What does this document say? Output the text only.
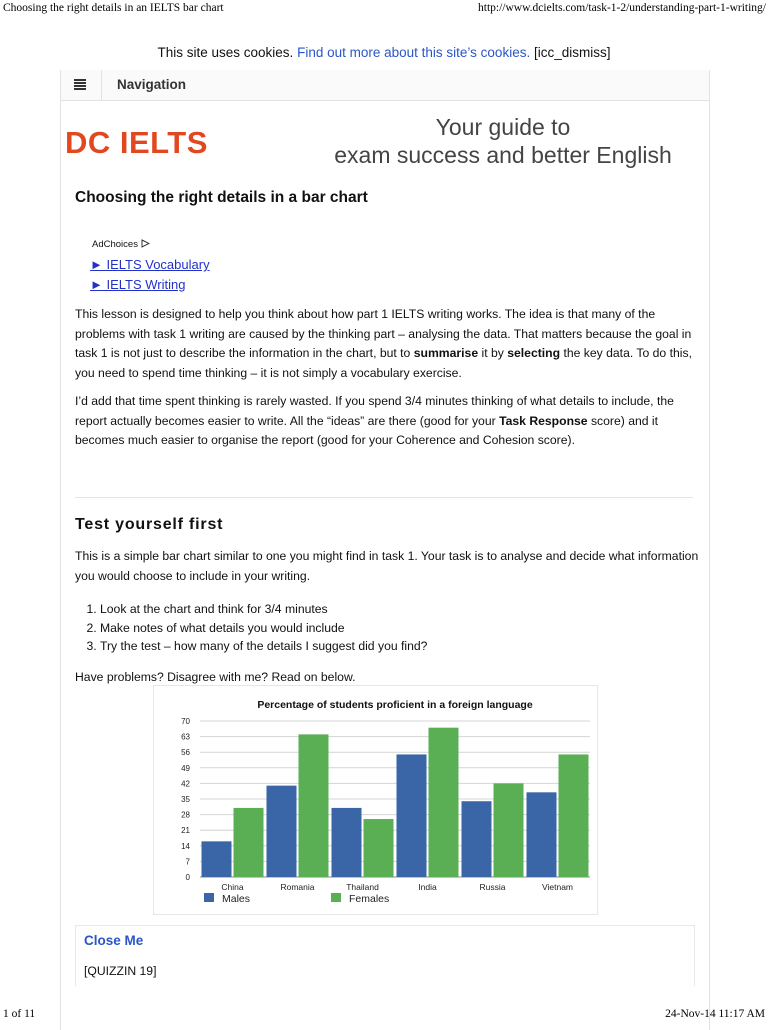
Choosing the right details in an IELTS bar chart	http://www.dcielts.com/task-1-2/understanding-part-1-writing/
This site uses cookies. Find out more about this site’s cookies. [icc_dismiss]
Navigation
DC IELTS	Your guide to
exam success and better English
Choosing the right details in a bar chart
AdChoices
► IELTS Vocabulary
► IELTS Writing

This lesson is designed to help you think about how part 1 IELTS writing works. The idea is that many of the problems with task 1 writing are caused by the thinking part – analysing the data. That matters because the goal in task 1 is not just to describe the information in the chart, but to summarise it by selecting the key data. To do this, you need to spend time thinking – it is not simply a vocabulary exercise.

I’d add that time spent thinking is rarely wasted. If you spend 3/4 minutes thinking of what details to include, the report actually becomes easier to write. All the “ideas” are there (good for your Task Response score) and it becomes much easier to organise the report (good for your Coherence and Cohesion score).

Test yourself first

This is a simple bar chart similar to one you might find in task 1. Your task is to analyse and decide what information you would choose to include in your writing.

1. Look at the chart and think for 3/4 minutes
2. Make notes of what details you would include
3. Try the test – how many of the details I suggest did you find?

Have problems? Disagree with me? Read on below.

Percentage of students proficient in a foreign language
0
7
14
21
28
35
42
49
56
63
70
China	Romania	Thailand	India	Russia	Vietnam
Males	Females
Close Me
[QUIZZIN 19]
1 of 11	24-Nov-14 11:17 AM
